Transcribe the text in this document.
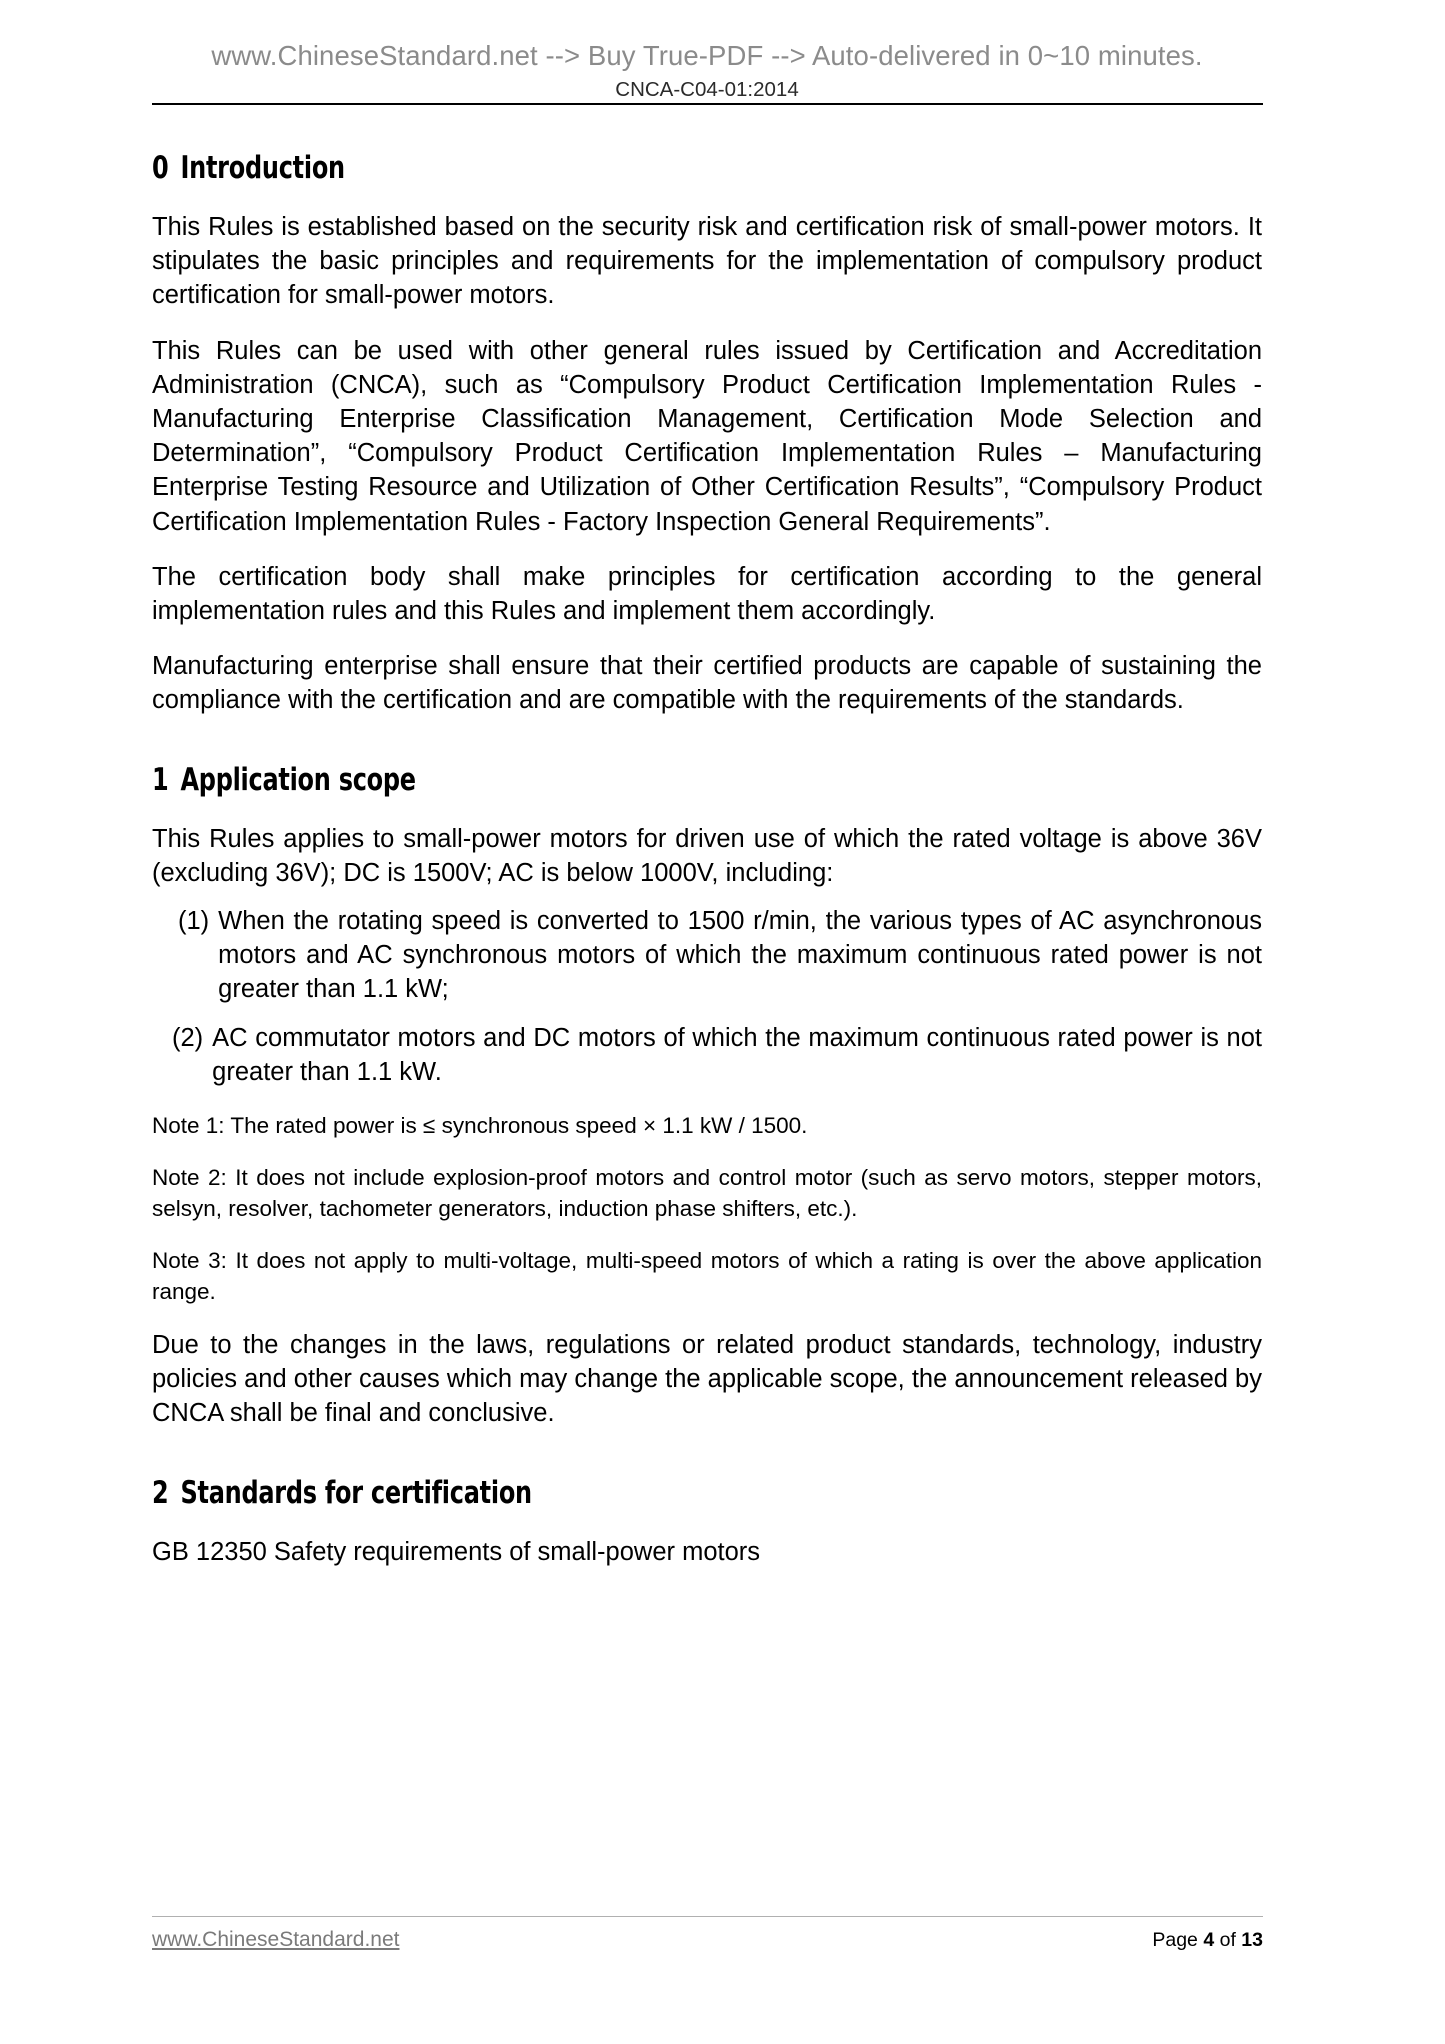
www.ChineseStandard.net --> Buy True-PDF --> Auto-delivered in 0~10 minutes.
CNCA-C04-01:2014
0 Introduction

This Rules is established based on the security risk and certification risk of small-power motors. It stipulates the basic principles and requirements for the implementation of compulsory product certification for small-power motors.

This Rules can be used with other general rules issued by Certification and Accreditation Administration (CNCA), such as “Compulsory Product Certification Implementation Rules - Manufacturing Enterprise Classification Management, Certification Mode Selection and Determination”, “Compulsory Product Certification Implementation Rules – Manufacturing Enterprise Testing Resource and Utilization of Other Certification Results”, “Compulsory Product Certification Implementation Rules - Factory Inspection General Requirements”.

The certification body shall make principles for certification according to the general implementation rules and this Rules and implement them accordingly.

Manufacturing enterprise shall ensure that their certified products are capable of sustaining the compliance with the certification and are compatible with the requirements of the standards.

1 Application scope

This Rules applies to small-power motors for driven use of which the rated voltage is above 36V (excluding 36V); DC is 1500V; AC is below 1000V, including:

(1) When the rotating speed is converted to 1500 r/min, the various types of AC asynchronous motors and AC synchronous motors of which the maximum continuous rated power is not greater than 1.1 kW;
(2) AC commutator motors and DC motors of which the maximum continuous rated power is not greater than 1.1 kW.

Note 1: The rated power is ≤ synchronous speed × 1.1 kW / 1500.

Note 2: It does not include explosion-proof motors and control motor (such as servo motors, stepper motors, selsyn, resolver, tachometer generators, induction phase shifters, etc.).

Note 3: It does not apply to multi-voltage, multi-speed motors of which a rating is over the above application range.

Due to the changes in the laws, regulations or related product standards, technology, industry policies and other causes which may change the applicable scope, the announcement released by CNCA shall be final and conclusive.

2 Standards for certification

GB 12350 Safety requirements of small-power motors

www.ChineseStandard.net	Page 4 of 13
